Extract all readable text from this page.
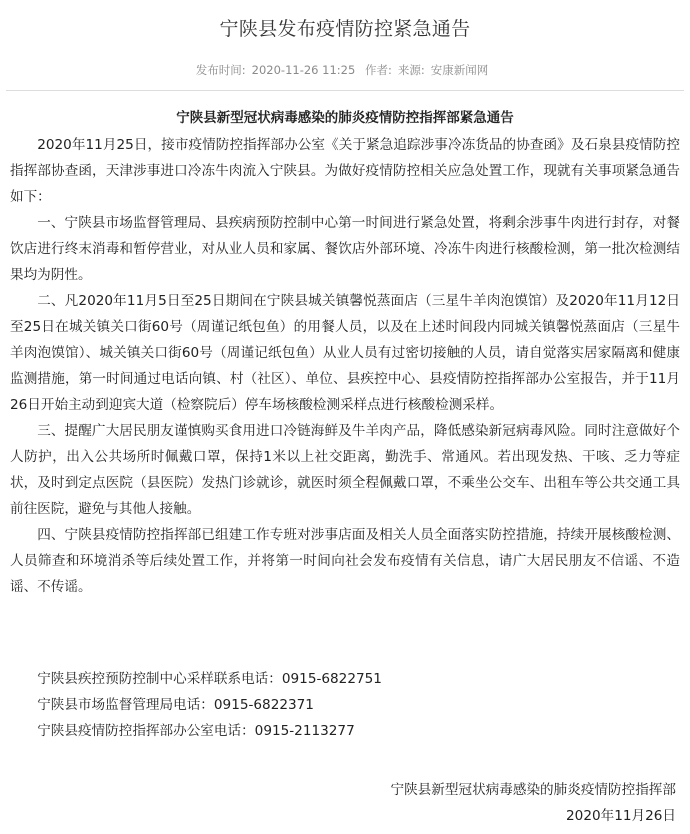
宁陕县发布疫情防控紧急通告
发布时间: 2020-11-26 11:25 作者: 来源: 安康新闻网
宁陕县新型冠状病毒感染的肺炎疫情防控指挥部紧急通告

2020年11月25日，接市疫情防控指挥部办公室《关于紧急追踪涉事冷冻货品的协查函》及石泉县疫情防控指挥部协查函，天津涉事进口冷冻牛肉流入宁陕县。为做好疫情防控相关应急处置工作，现就有关事项紧急通告如下：

一、宁陕县市场监督管理局、县疾病预防控制中心第一时间进行紧急处置，将剩余涉事牛肉进行封存，对餐饮店进行终末消毒和暂停营业，对从业人员和家属、餐饮店外部环境、冷冻牛肉进行核酸检测，第一批次检测结果均为阴性。

二、凡2020年11月5日至25日期间在宁陕县城关镇馨悦蒸面店（三星牛羊肉泡馍馆）及2020年11月12日至25日在城关镇关口街60号（周谨记纸包鱼）的用餐人员，以及在上述时间段内同城关镇馨悦蒸面店（三星牛羊肉泡馍馆）、城关镇关口街60号（周谨记纸包鱼）从业人员有过密切接触的人员，请自觉落实居家隔离和健康监测措施，第一时间通过电话向镇、村（社区）、单位、县疾控中心、县疫情防控指挥部办公室报告，并于11月26日开始主动到迎宾大道（检察院后）停车场核酸检测采样点进行核酸检测采样。

三、提醒广大居民朋友谨慎购买食用进口冷链海鲜及牛羊肉产品，降低感染新冠病毒风险。同时注意做好个人防护，出入公共场所时佩戴口罩，保持1米以上社交距离，勤洗手、常通风。若出现发热、干咳、乏力等症状，及时到定点医院（县医院）发热门诊就诊，就医时须全程佩戴口罩，不乘坐公交车、出租车等公共交通工具前往医院，避免与其他人接触。

四、宁陕县疫情防控指挥部已组建工作专班对涉事店面及相关人员全面落实防控措施，持续开展核酸检测、人员筛查和环境消杀等后续处置工作，并将第一时间向社会发布疫情有关信息，请广大居民朋友不信谣、不造谣、不传谣。

宁陕县疾控预防控制中心采样联系电话：0915-6822751

宁陕县市场监督管理局电话：0915-6822371

宁陕县疫情防控指挥部办公室电话：0915-2113277

宁陕县新型冠状病毒感染的肺炎疫情防控指挥部
2020年11月26日
